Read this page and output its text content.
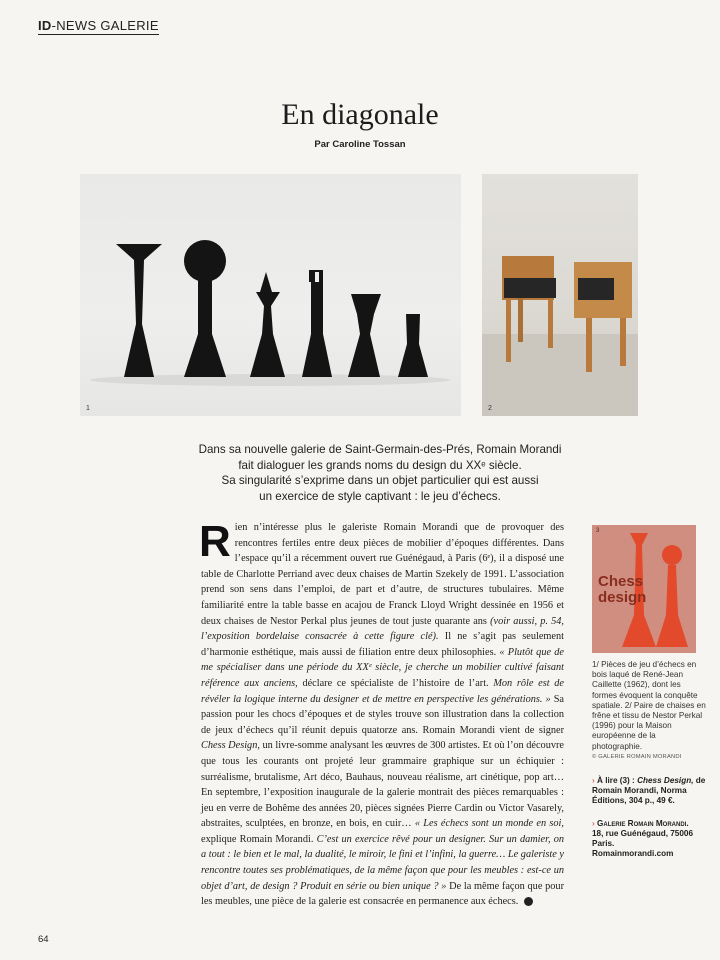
ID-NEWS GALERIE
En diagonale
Par Caroline Tossan
1	2
Dans sa nouvelle galerie de Saint-Germain-des-Prés, Romain Morandi
fait dialoguer les grands noms du design du XXᵉ siècle.
Sa singularité s’exprime dans un objet particulier qui est aussi
un exercice de style captivant : le jeu d’échecs.

Rien n’intéresse plus le galeriste Romain Morandi que de provoquer des rencontres fertiles entre deux pièces de mobilier d’époques différentes. Dans l’espace qu’il a récemment ouvert rue Guénégaud, à Paris (6ᵉ), il a disposé une table de Charlotte Perriand avec deux chaises de Martin Szekely de 1991. L’association prend son sens dans l’emploi, de part et d’autre, de structures tubulaires. Même familiarité entre la table basse en acajou de Franck Lloyd Wright dessinée en 1956 et deux chaises de Nestor Perkal plus jeunes de tout juste quarante ans (voir aussi, p. 54, l’exposition bordelaise consacrée à cette figure clé). Il ne s’agit pas seulement d’harmonie esthétique, mais aussi de filiation entre deux philosophies. « Plutôt que de me spécialiser dans une période du XXᵉ siècle, je cherche un mobilier cultivé faisant référence aux anciens, déclare ce spécialiste de l’histoire de l’art. Mon rôle est de révéler la logique interne du designer et de mettre en perspective les générations. » Sa passion pour les chocs d’époques et de styles trouve son illustration dans la collection de jeux d’échecs qu’il réunit depuis quatorze ans. Romain Morandi vient de signer Chess Design, un livre-somme analysant les œuvres de 300 artistes. Et où l’on découvre que tous les courants ont projeté leur grammaire graphique sur un échiquier : surréalisme, brutalisme, Art déco, Bauhaus, nouveau réalisme, art cinétique, pop art… En septembre, l’exposition inaugurale de la galerie montrait des pièces remarquables : jeu en verre de Bohême des années 20, pièces signées Pierre Cardin ou Victor Vasarely, abstraites, sculptées, en bronze, en bois, en cuir… « Les échecs sont un monde en soi, explique Romain Morandi. C’est un exercice rêvé pour un designer. Sur un damier, on a tout : le bien et le mal, la dualité, le miroir, le fini et l’infini, la guerre… Le galeriste y rencontre toutes ses problématiques, de la même façon que pour les meubles : est-ce un objet d’art, de design ? Produit en série ou bien unique ? » De la même façon que pour les meubles, une pièce de la galerie est consacrée en permanence aux échecs.

3
Chess
design

1/ Pièces de jeu d’échecs en bois laqué de René-Jean Caillette (1962), dont les formes évoquent la conquête spatiale. 2/ Paire de chaises en frêne et tissu de Nestor Perkal (1996) pour la Maison européenne de la photographie.

© GALERIE ROMAIN MORANDI

› À lire (3) : Chess Design, de Romain Morandi, Norma Éditions, 304 p., 49 €.

› Galerie Romain Morandi.
18, rue Guénégaud, 75006 Paris.
Romainmorandi.com

64
